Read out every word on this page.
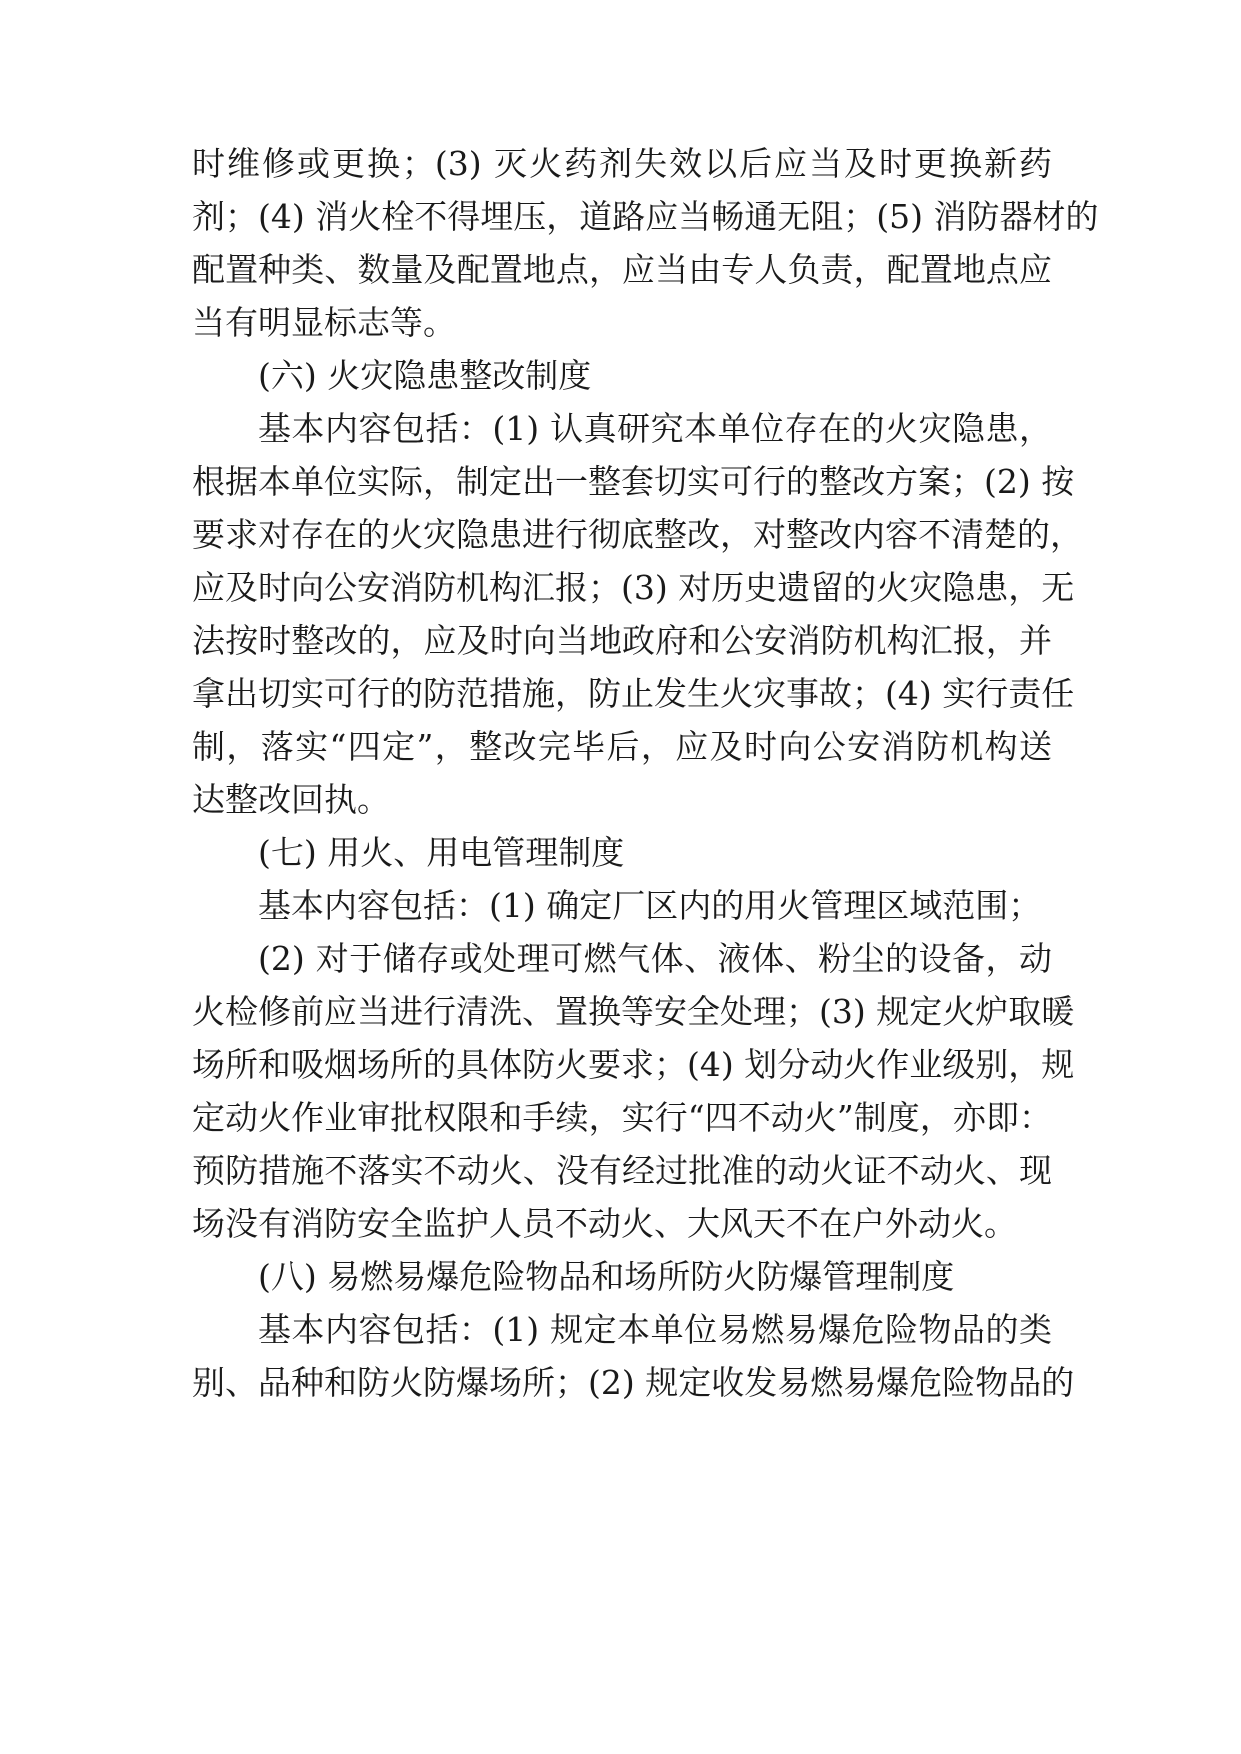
时维修或更换；(3) 灭火药剂失效以后应当及时更换新药
剂；(4) 消火栓不得埋压，道路应当畅通无阻；(5) 消防器材的
配置种类、数量及配置地点，应当由专人负责，配置地点应
当有明显标志等。
(六) 火灾隐患整改制度
基本内容包括：(1) 认真研究本单位存在的火灾隐患，
根据本单位实际，制定出一整套切实可行的整改方案；(2) 按
要求对存在的火灾隐患进行彻底整改，对整改内容不清楚的，
应及时向公安消防机构汇报；(3) 对历史遗留的火灾隐患，无
法按时整改的，应及时向当地政府和公安消防机构汇报，并
拿出切实可行的防范措施，防止发生火灾事故；(4) 实行责任
制，落实“四定”，整改完毕后，应及时向公安消防机构送
达整改回执。
(七) 用火、用电管理制度
基本内容包括：(1) 确定厂区内的用火管理区域范围；
(2) 对于储存或处理可燃气体、液体、粉尘的设备，动
火检修前应当进行清洗、置换等安全处理；(3) 规定火炉取暖
场所和吸烟场所的具体防火要求；(4) 划分动火作业级别，规
定动火作业审批权限和手续，实行“四不动火”制度，亦即：
预防措施不落实不动火、没有经过批准的动火证不动火、现
场没有消防安全监护人员不动火、大风天不在户外动火。
(八) 易燃易爆危险物品和场所防火防爆管理制度
基本内容包括：(1) 规定本单位易燃易爆危险物品的类
别、品种和防火防爆场所；(2) 规定收发易燃易爆危险物品的
